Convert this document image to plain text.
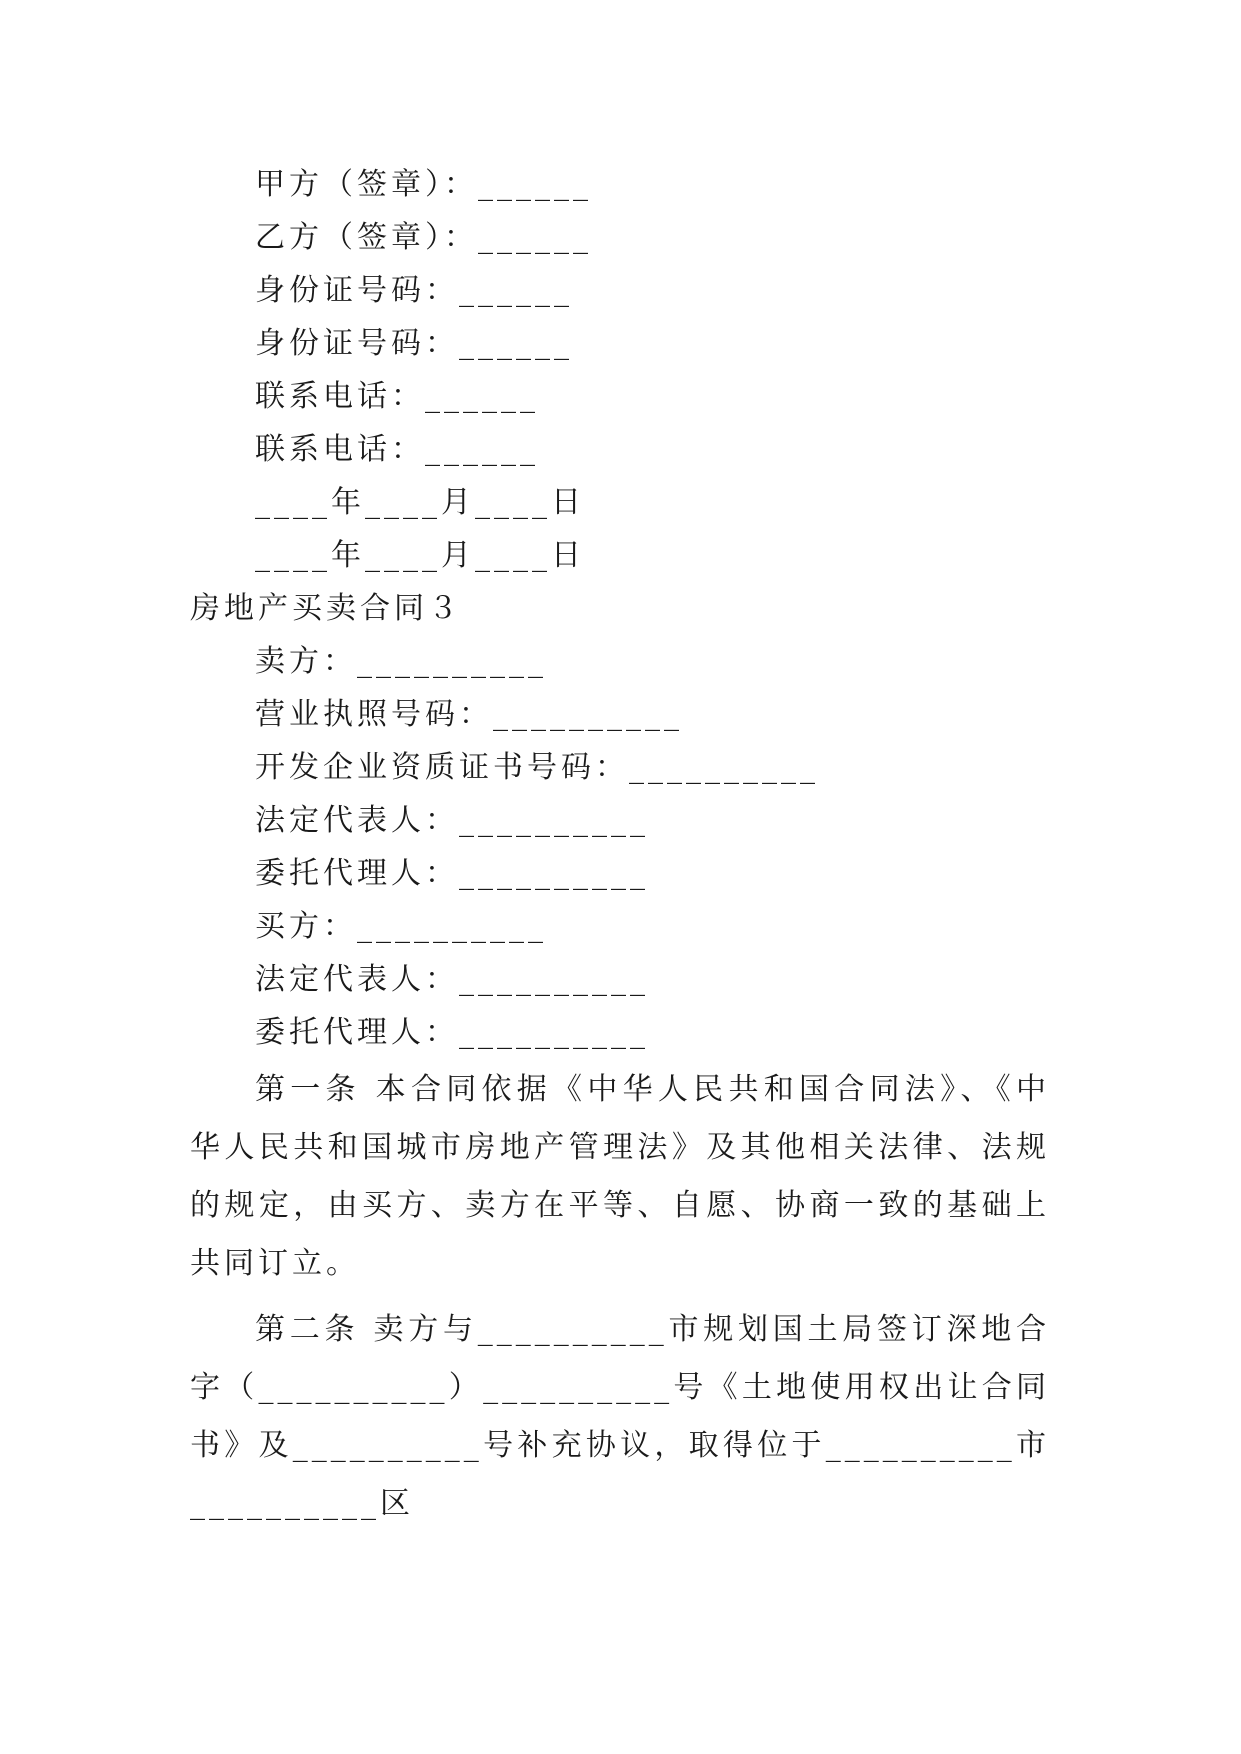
甲方（签章）：______
乙方（签章）：______
身份证号码：______
身份证号码：______
联系电话：______
联系电话：______
____年____月____日
____年____月____日
房地产买卖合同３
卖方：__________
营业执照号码：__________
开发企业资质证书号码：__________
法定代表人：__________
委托代理人：__________
买方：__________
法定代表人：__________
委托代理人：__________
第一条 本合同依据《中华人民共和国合同法》、《中华人民共和国城市房地产管理法》及其他相关法律、法规的规定，由买方、卖方在平等、自愿、协商一致的基础上共同订立。
第二条 卖方与__________市规划国土局签订深地合字（__________）__________号《土地使用权出让合同书》及__________号补充协议，取得位于__________市__________区
